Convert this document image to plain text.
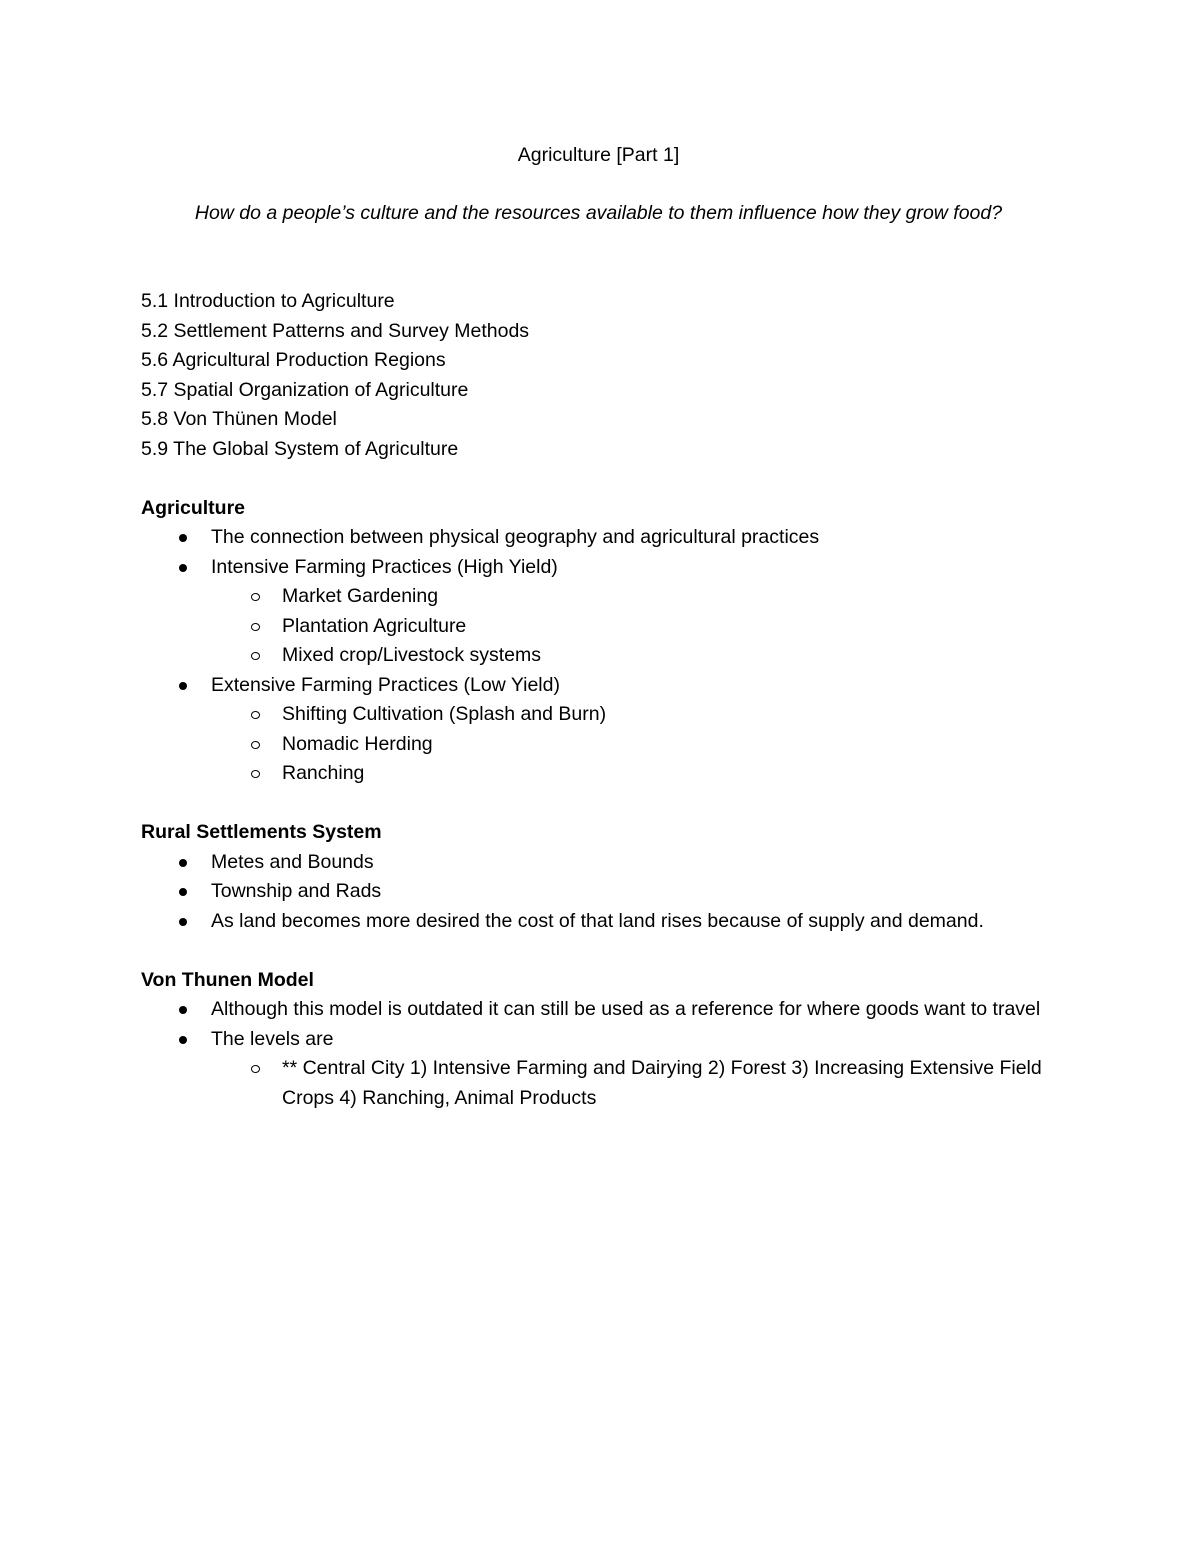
Agriculture [Part 1]

How do a people’s culture and the resources available to them influence how they grow food?

5.1 Introduction to Agriculture

5.2 Settlement Patterns and Survey Methods

5.6 Agricultural Production Regions

5.7 Spatial Organization of Agriculture

5.8 Von Thünen Model

5.9 The Global System of Agriculture

Agriculture

The connection between physical geography and agricultural practices
Intensive Farming Practices (High Yield)
Market Gardening
Plantation Agriculture
Mixed crop/Livestock systems
Extensive Farming Practices (Low Yield)
Shifting Cultivation (Splash and Burn)
Nomadic Herding
Ranching

Rural Settlements System

Metes and Bounds
Township and Rads
As land becomes more desired the cost of that land rises because of supply and demand.

Von Thunen Model

Although this model is outdated it can still be used as a reference for where goods want to travel
The levels are
** Central City 1) Intensive Farming and Dairying 2) Forest 3) Increasing Extensive Field Crops 4) Ranching, Animal Products
